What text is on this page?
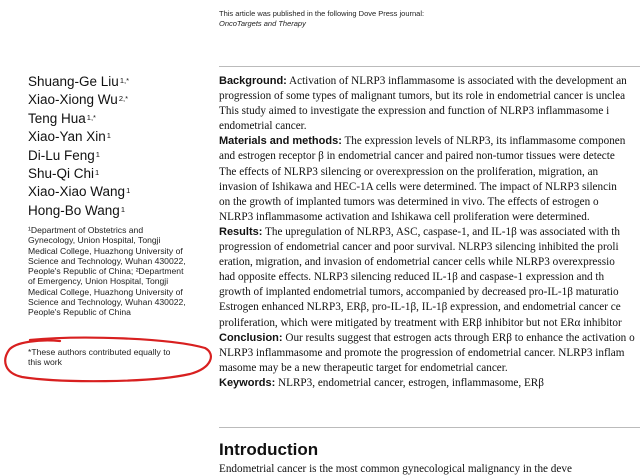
This article was published in the following Dove Press journal:
OncoTargets and Therapy
Shuang-Ge Liu$^{1,*}$
Xiao-Xiong $Wu^{2,*}$
Teng Hua$^{1,*}$
Xiao-Yan Xin$^1$
Di-Lu Feng$^1$
Shu-Qi Chi$^1$
Xiao-Xiao Wang$^1$
Hong-Bo Wang$^1$
¹Department of Obstetrics and
Gynecology, Union Hospital, Tongji
Medical College, Huazhong University of
Science and Technology, Wuhan 430022,
People's Republic of China; ²Department
of Emergency, Union Hospital, Tongji
Medical College, Huazhong University of
Science and Technology, Wuhan 430022,
People's Republic of China
*These authors contributed equally to
this work

Background: Activation of NLRP3 inflammasome is associated with the development an

progression of some types of malignant tumors, but its role in endometrial cancer is unclea

This study aimed to investigate the expression and function of NLRP3 inflammasome i

endometrial cancer.

Materials and methods: The expression levels of NLRP3, its inflammasome componen

and estrogen receptor β in endometrial cancer and paired non-tumor tissues were detecte

The effects of NLRP3 silencing or overexpression on the proliferation, migration, an

invasion of Ishikawa and HEC-1A cells were determined. The impact of NLRP3 silencin

on the growth of implanted tumors was determined in vivo. The effects of estrogen o

NLRP3 inflammasome activation and Ishikawa cell proliferation were determined.

Results: The upregulation of NLRP3, ASC, caspase-1, and IL-1β was associated with th

progression of endometrial cancer and poor survival. NLRP3 silencing inhibited the proli

eration, migration, and invasion of endometrial cancer cells while NLRP3 overexpressio

had opposite effects. NLRP3 silencing reduced IL-1β and caspase-1 expression and th

growth of implanted endometrial tumors, accompanied by decreased pro-IL-1β maturatio

Estrogen enhanced NLRP3, ERβ, pro-IL-1β, IL-1β expression, and endometrial cancer ce

proliferation, which were mitigated by treatment with ERβ inhibitor but not ERα inhibitor

Conclusion: Our results suggest that estrogen acts through ERβ to enhance the activation o

NLRP3 inflammasome and promote the progression of endometrial cancer. NLRP3 inflam

masome may be a new therapeutic target for endometrial cancer.

Keywords: NLRP3, endometrial cancer, estrogen, inflammasome, ERβ

Introduction
Endometrial cancer is the most common gynecological malignancy in the deve
